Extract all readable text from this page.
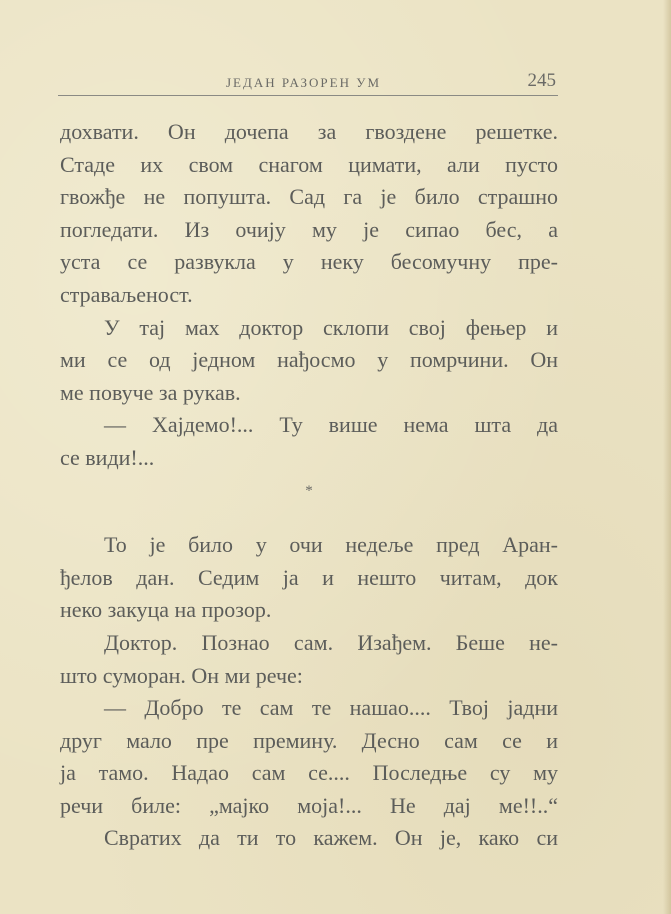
ЈЕДАН РАЗОРЕН УМ	245
дохвати. Он дочепа за гвоздене решетке.
Стаде их свом снагом цимати, али пусто
гвожђе не попушта. Сад га је било страшно
погледати. Из очију му је сипао бес, а
уста се развукла у неку бесомучну пре-
страваљеност.
У тај мах доктор склопи свој фењер и
ми се од једном нађосмо у помрчини. Он
ме повуче за рукав.
— Хајдемо!... Ту више нема шта да
се види!...
*
То је било у очи недеље пред Аран-
ђелов дан. Седим ја и нешто читам, док
неко закуца на прозор.
Доктор. Познао сам. Изађем. Беше не-
што суморан. Он ми рече:
— Добро те сам те нашао.... Твој јадни
друг мало пре премину. Десно сам се и
ја тамо. Надао сам се.... Последње су му
речи биле: „мајко моја!... Не дај ме!!..“
Свратих да ти то кажем. Он је, како си
